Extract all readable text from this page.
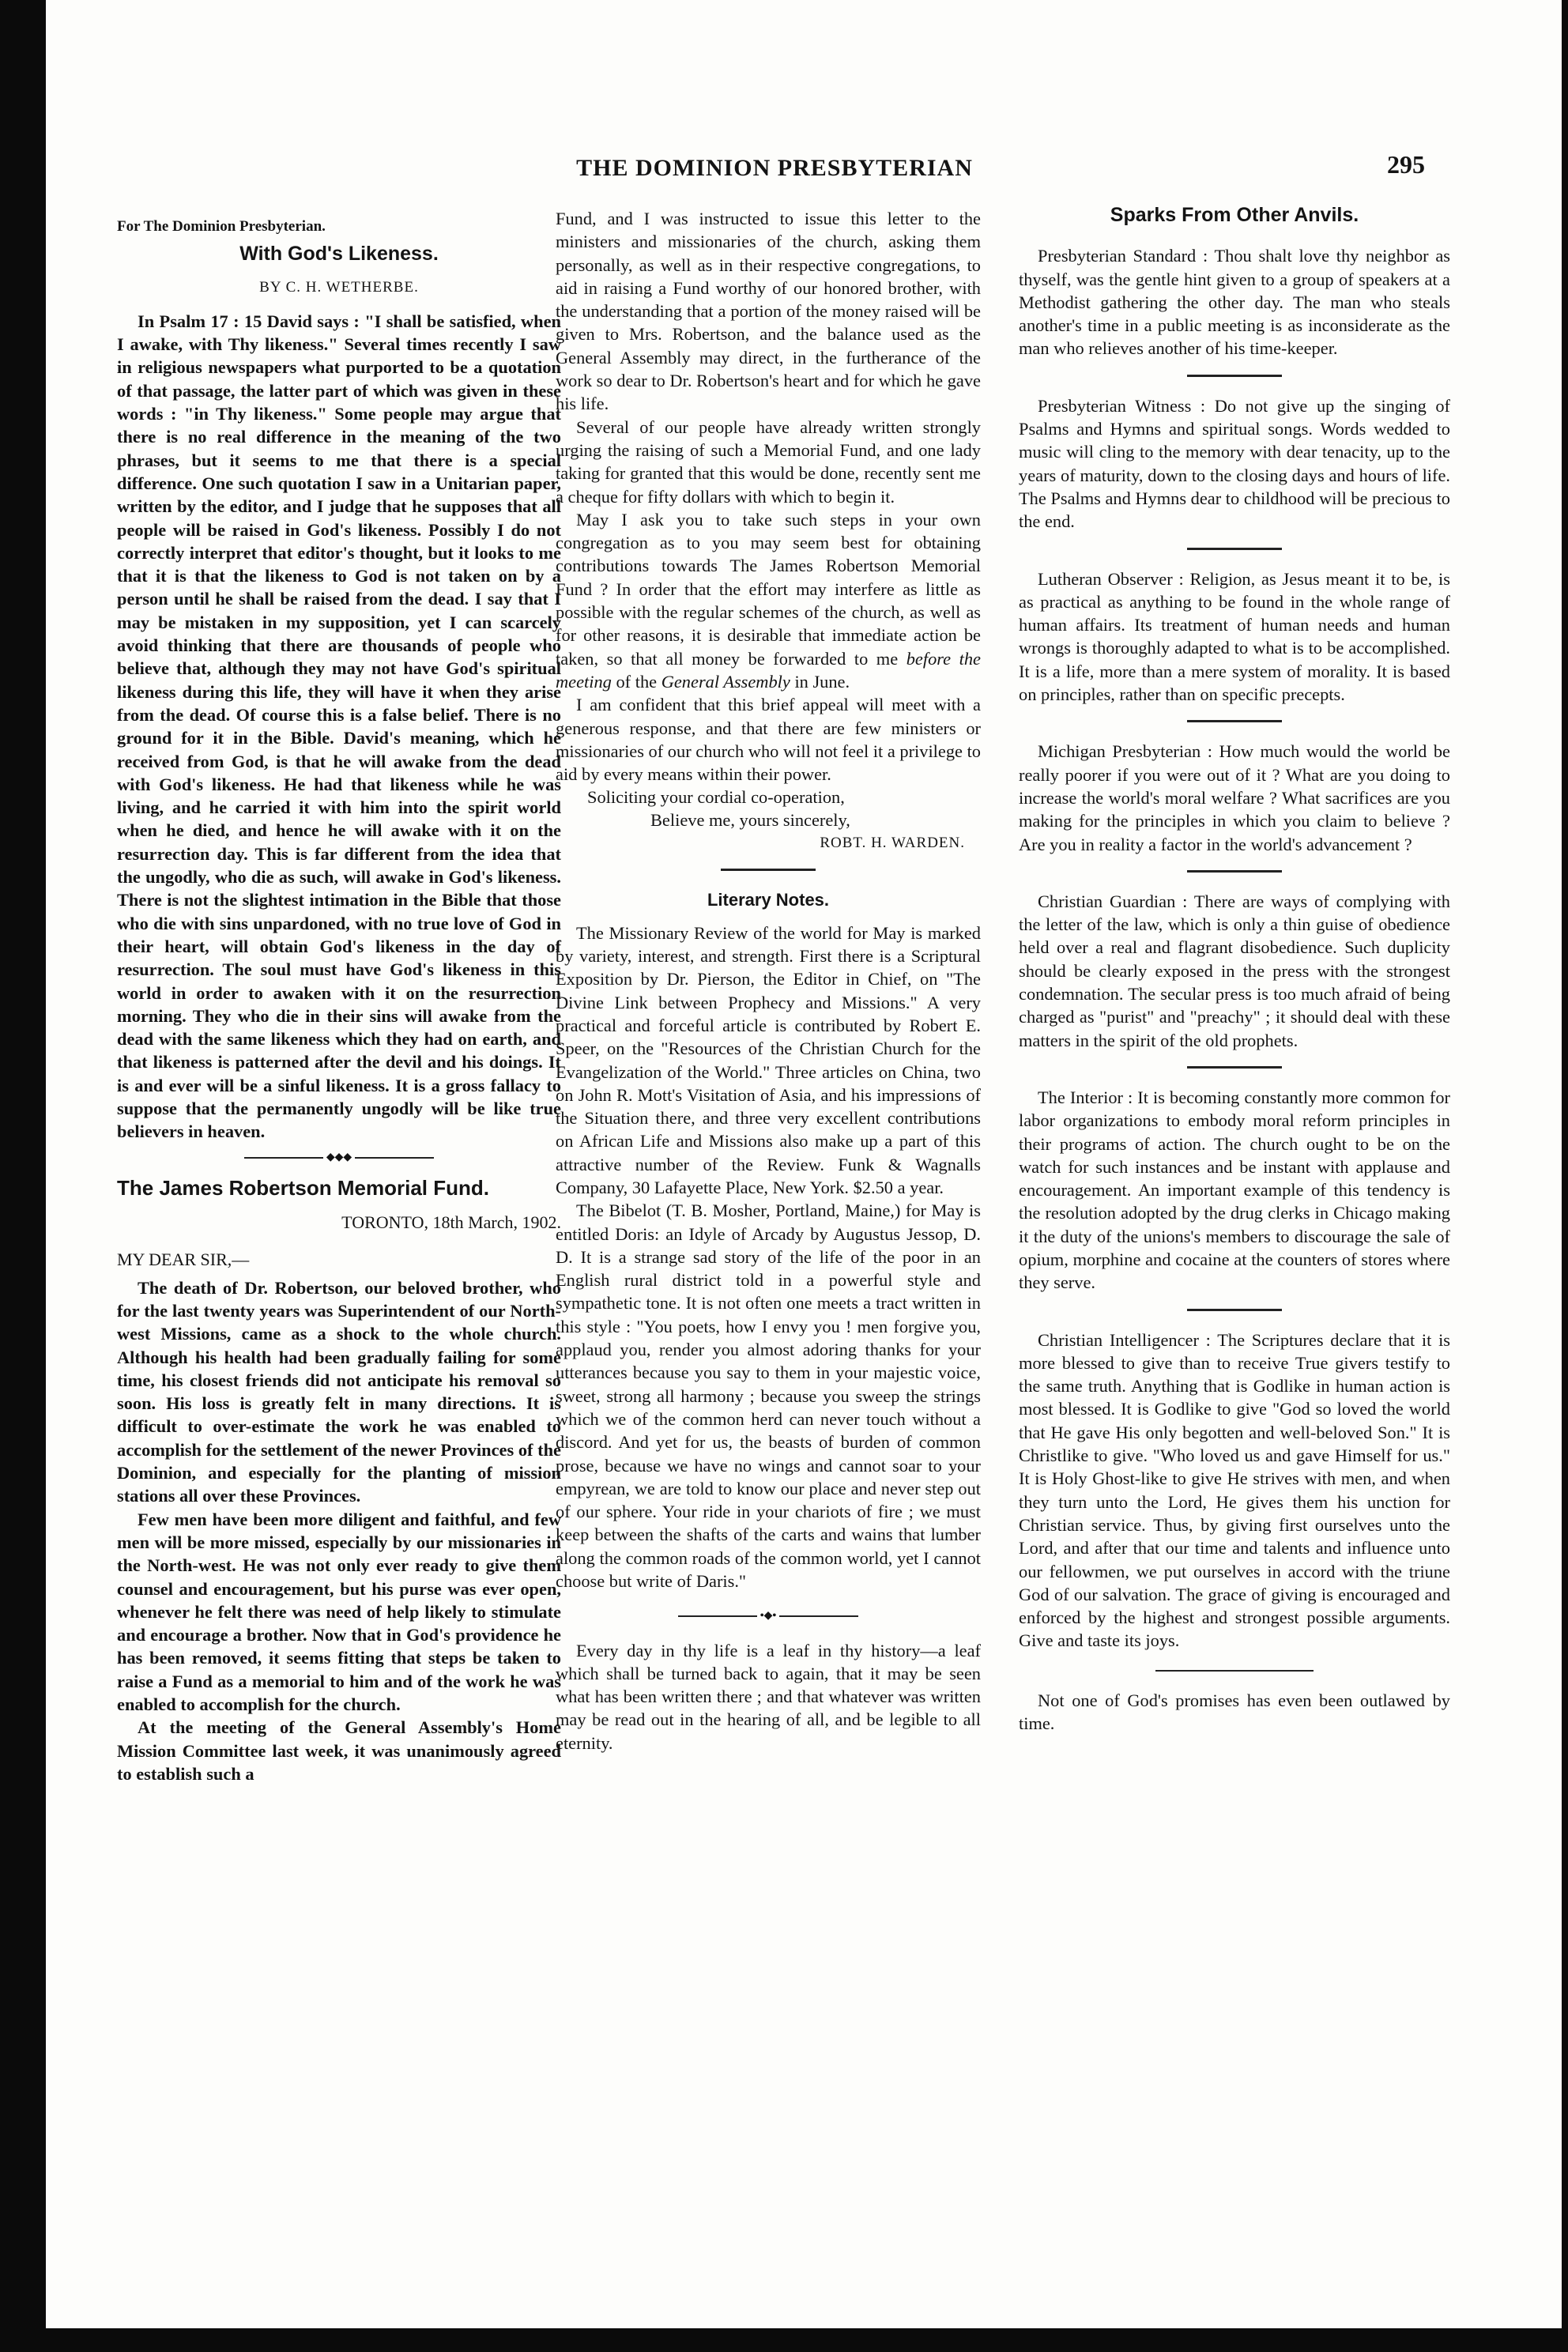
THE DOMINION PRESBYTERIAN	295
For The Dominion Presbyterian.
With God's Likeness.
BY C. H. WETHERBE.

In Psalm 17 : 15 David says : "I shall be satisfied, when I awake, with Thy likeness." Several times recently I saw in religious newspapers what purported to be a quotation of that passage, the latter part of which was given in these words : "in Thy likeness." Some people may argue that there is no real difference in the meaning of the two phrases, but it seems to me that there is a special difference. One such quotation I saw in a Unitarian paper, written by the editor, and I judge that he supposes that all people will be raised in God's likeness. Possibly I do not correctly interpret that editor's thought, but it looks to me that it is that the likeness to God is not taken on by a person until he shall be raised from the dead. I say that I may be mistaken in my supposition, yet I can scarcely avoid thinking that there are thousands of people who believe that, although they may not have God's spiritual likeness during this life, they will have it when they arise from the dead. Of course this is a false belief. There is no ground for it in the Bible. David's meaning, which he received from God, is that he will awake from the dead with God's likeness. He had that likeness while he was living, and he carried it with him into the spirit world when he died, and hence he will awake with it on the resurrection day. This is far different from the idea that the ungodly, who die as such, will awake in God's likeness. There is not the slightest intimation in the Bible that those who die with sins unpardoned, with no true love of God in their heart, will obtain God's likeness in the day of resurrection. The soul must have God's likeness in this world in order to awaken with it on the resurrection morning. They who die in their sins will awake from the dead with the same likeness which they had on earth, and that likeness is patterned after the devil and his doings. It is and ever will be a sinful likeness. It is a gross fallacy to suppose that the permanently ungodly will be like true believers in heaven.

◆◆◆
The James Robertson Memorial Fund.
TORONTO, 18th March, 1902.
MY DEAR SIR,—

The death of Dr. Robertson, our beloved brother, who for the last twenty years was Superintendent of our North-west Missions, came as a shock to the whole church. Although his health had been gradually failing for some time, his closest friends did not anticipate his removal so soon. His loss is greatly felt in many directions. It is difficult to over-estimate the work he was enabled to accomplish for the settlement of the newer Provinces of the Dominion, and especially for the planting of mission stations all over these Provinces.

Few men have been more diligent and faithful, and few men will be more missed, especially by our missionaries in the North-west. He was not only ever ready to give them counsel and encouragement, but his purse was ever open, whenever he felt there was need of help likely to stimulate and encourage a brother. Now that in God's providence he has been removed, it seems fitting that steps be taken to raise a Fund as a memorial to him and of the work he was enabled to accomplish for the church.

At the meeting of the General Assembly's Home Mission Committee last week, it was unanimously agreed to establish such a

Fund, and I was instructed to issue this letter to the ministers and missionaries of the church, asking them personally, as well as in their respective congregations, to aid in raising a Fund worthy of our honored brother, with the understanding that a portion of the money raised will be given to Mrs. Robertson, and the balance used as the General Assembly may direct, in the furtherance of the work so dear to Dr. Robertson's heart and for which he gave his life.

Several of our people have already written strongly urging the raising of such a Memorial Fund, and one lady taking for granted that this would be done, recently sent me a cheque for fifty dollars with which to begin it.

May I ask you to take such steps in your own congregation as to you may seem best for obtaining contributions towards The James Robertson Memorial Fund ? In order that the effort may interfere as little as possible with the regular schemes of the church, as well as for other reasons, it is desirable that immediate action be taken, so that all money be forwarded to me before the meeting of the General Assembly in June.

I am confident that this brief appeal will meet with a generous response, and that there are few ministers or missionaries of our church who will not feel it a privilege to aid by every means within their power.

Soliciting your cordial co-operation,
Believe me, yours sincerely,
ROBT. H. WARDEN.
Literary Notes.

The Missionary Review of the world for May is marked by variety, interest, and strength. First there is a Scriptural Exposition by Dr. Pierson, the Editor in Chief, on "The Divine Link between Prophecy and Missions." A very practical and forceful article is contributed by Robert E. Speer, on the "Resources of the Christian Church for the Evangelization of the World." Three articles on China, two on John R. Mott's Visitation of Asia, and his impressions of the Situation there, and three very excellent contributions on African Life and Missions also make up a part of this attractive number of the Review. Funk & Wagnalls Company, 30 Lafayette Place, New York. $2.50 a year.

The Bibelot (T. B. Mosher, Portland, Maine,) for May is entitled Doris: an Idyle of Arcady by Augustus Jessop, D. D. It is a strange sad story of the life of the poor in an English rural district told in a powerful style and sympathetic tone. It is not often one meets a tract written in this style : "You poets, how I envy you ! men forgive you, applaud you, render you almost adoring thanks for your utterances because you say to them in your majestic voice, sweet, strong all harmony ; because you sweep the strings which we of the common herd can never touch without a discord. And yet for us, the beasts of burden of common prose, because we have no wings and cannot soar to your empyrean, we are told to know our place and never step out of our sphere. Your ride in your chariots of fire ; we must keep between the shafts of the carts and wains that lumber along the common roads of the common world, yet I cannot choose but write of Daris."

•◆•

Every day in thy life is a leaf in thy history—a leaf which shall be turned back to again, that it may be seen what has been written there ; and that whatever was written may be read out in the hearing of all, and be legible to all eternity.

Sparks From Other Anvils.

Presbyterian Standard : Thou shalt love thy neighbor as thyself, was the gentle hint given to a group of speakers at a Methodist gathering the other day. The man who steals another's time in a public meeting is as inconsiderate as the man who relieves another of his time-keeper.

Presbyterian Witness : Do not give up the singing of Psalms and Hymns and spiritual songs. Words wedded to music will cling to the memory with dear tenacity, up to the years of maturity, down to the closing days and hours of life. The Psalms and Hymns dear to childhood will be precious to the end.

Lutheran Observer : Religion, as Jesus meant it to be, is as practical as anything to be found in the whole range of human affairs. Its treatment of human needs and human wrongs is thoroughly adapted to what is to be accomplished. It is a life, more than a mere system of morality. It is based on principles, rather than on specific precepts.

Michigan Presbyterian : How much would the world be really poorer if you were out of it ? What are you doing to increase the world's moral welfare ? What sacrifices are you making for the principles in which you claim to believe ? Are you in reality a factor in the world's advancement ?

Christian Guardian : There are ways of complying with the letter of the law, which is only a thin guise of obedience held over a real and flagrant disobedience. Such duplicity should be clearly exposed in the press with the strongest condemnation. The secular press is too much afraid of being charged as "purist" and "preachy" ; it should deal with these matters in the spirit of the old prophets.

The Interior : It is becoming constantly more common for labor organizations to embody moral reform principles in their programs of action. The church ought to be on the watch for such instances and be instant with applause and encouragement. An important example of this tendency is the resolution adopted by the drug clerks in Chicago making it the duty of the unions's members to discourage the sale of opium, morphine and cocaine at the counters of stores where they serve.

Christian Intelligencer : The Scriptures declare that it is more blessed to give than to receive True givers testify to the same truth. Anything that is Godlike in human action is most blessed. It is Godlike to give "God so loved the world that He gave His only begotten and well-beloved Son." It is Christlike to give. "Who loved us and gave Himself for us." It is Holy Ghost-like to give He strives with men, and when they turn unto the Lord, He gives them his unction for Christian service. Thus, by giving first ourselves unto the Lord, and after that our time and talents and influence unto our fellowmen, we put ourselves in accord with the triune God of our salvation. The grace of giving is encouraged and enforced by the highest and strongest possible arguments. Give and taste its joys.

Not one of God's promises has even been outlawed by time.
